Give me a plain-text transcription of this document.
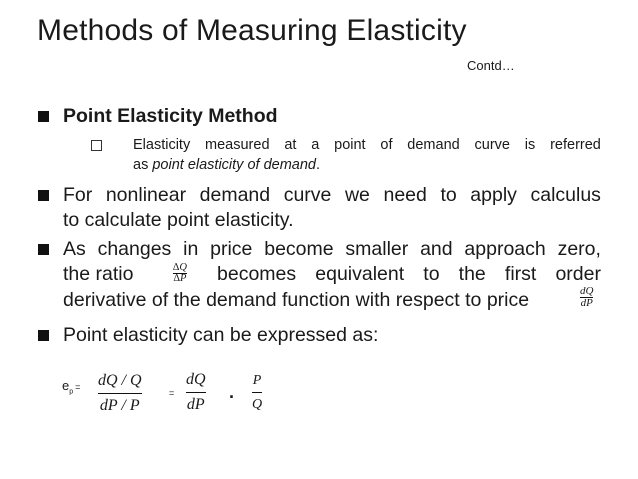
Methods of Measuring Elasticity
Contd…
Point Elasticity Method
Elasticity measured at a point of demand curve is referred
as point elasticity of demand.
For nonlinear demand curve we need to apply calculus
to calculate point elasticity.
As changes in price become smaller and approach zero,
the ratio	$\frac{\Delta Q}{\Delta P}$ becomes equivalent to the first order
derivative of the demand function with respect to price	$\frac{dQ}{dP}$
Point elasticity can be expressed as:
$e_p= \frac{dQ / Q}{dP / P}$	= $\frac{dQ}{dP}$ . $\frac{P}{Q}$
